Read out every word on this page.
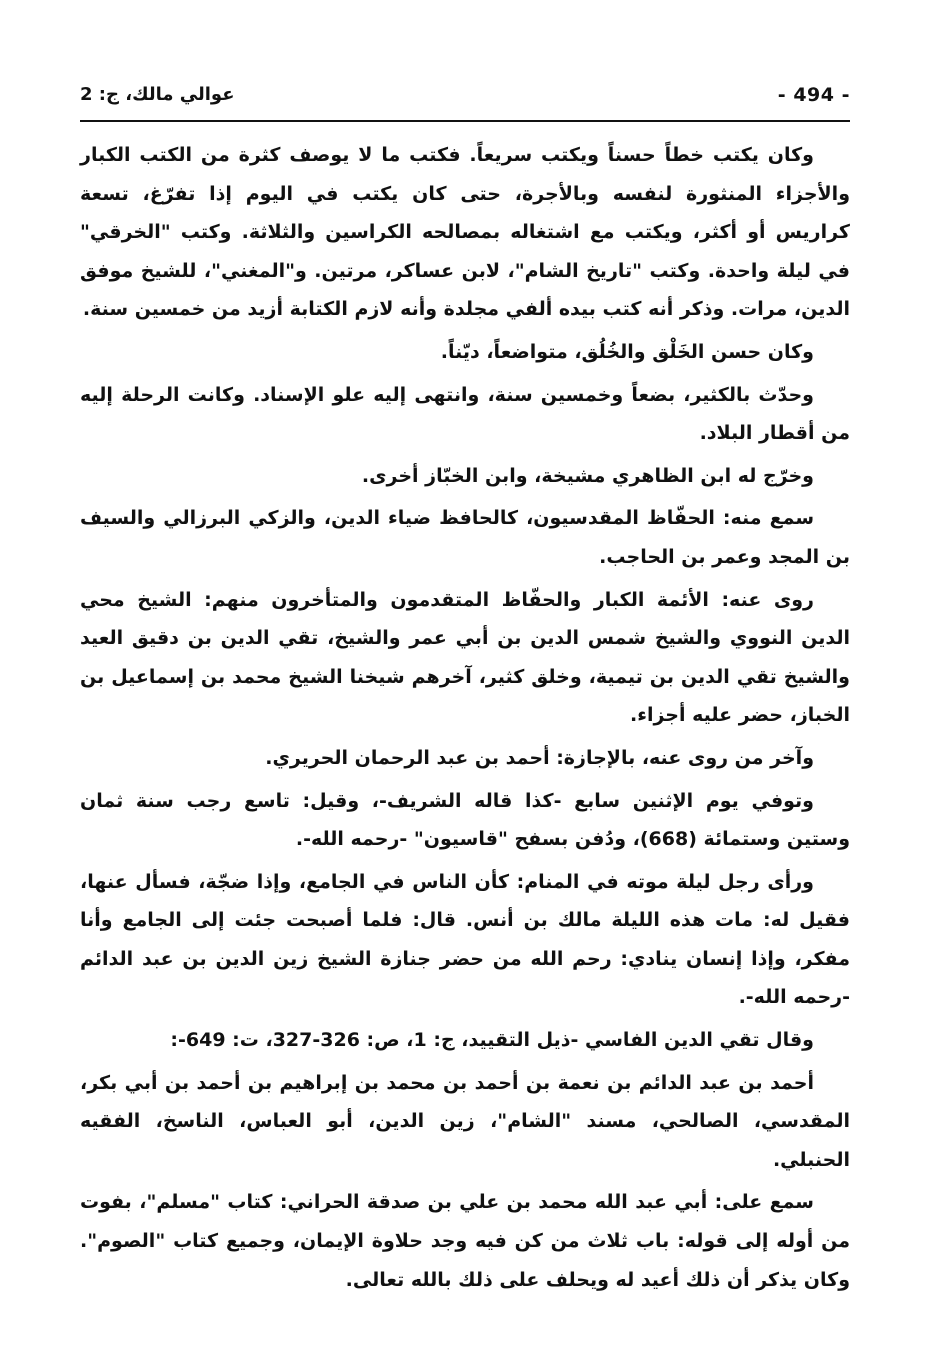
- 494 -
عوالي مالك، ج: 2

وكان يكتب خطاً حسناً ويكتب سريعاً. فكتب ما لا يوصف كثرة من الكتب الكبار والأجزاء المنثورة لنفسه وبالأجرة، حتى كان يكتب في اليوم إذا تفرّغ، تسعة كراريس أو أكثر، ويكتب مع اشتغاله بمصالحه الكراسين والثلاثة. وكتب "الخرقي" في ليلة واحدة. وكتب "تاريخ الشام"، لابن عساكر، مرتين. و"المغني"، للشيخ موفق الدين، مرات. وذكر أنه كتب بيده ألفي مجلدة وأنه لازم الكتابة أزيد من خمسين سنة.

وكان حسن الخَلْق والخُلُق، متواضعاً، ديّناً.

وحدّث بالكثير، بضعاً وخمسين سنة، وانتهى إليه علو الإسناد. وكانت الرحلة إليه من أقطار البلاد.

وخرّج له ابن الظاهري مشيخة، وابن الخبّاز أخرى.

سمع منه: الحفّاظ المقدسيون، كالحافظ ضياء الدين، والزكي البرزالي والسيف بن المجد وعمر بن الحاجب.

روى عنه: الأئمة الكبار والحفّاظ المتقدمون والمتأخرون منهم: الشيخ محي الدين النووي والشيخ شمس الدين بن أبي عمر والشيخ، تقي الدين بن دقيق العيد والشيخ تقي الدين بن تيمية، وخلق كثير، آخرهم شيخنا الشيخ محمد بن إسماعيل بن الخباز، حضر عليه أجزاء.

وآخر من روى عنه، بالإجازة: أحمد بن عبد الرحمان الحريري.

وتوفي يوم الإثنين سابع -كذا قاله الشريف-، وقيل: تاسع رجب سنة ثمان وستين وستمائة (668)، ودُفن بسفح "قاسيون" -رحمه الله-.

ورأى رجل ليلة موته في المنام: كأن الناس في الجامع، وإذا ضجّة، فسأل عنها، فقيل له: مات هذه الليلة مالك بن أنس. قال: فلما أصبحت جئت إلى الجامع وأنا مفكر، وإذا إنسان ينادي: رحم الله من حضر جنازة الشيخ زين الدين بن عبد الدائم -رحمه الله-.

وقال تقي الدين الفاسي -ذيل التقييد، ج: 1، ص: 326-327، ت: 649-:

أحمد بن عبد الدائم بن نعمة بن أحمد بن محمد بن إبراهيم بن أحمد بن أبي بكر، المقدسي، الصالحي، مسند "الشام"، زين الدين، أبو العباس، الناسخ، الفقيه الحنبلي.

سمع على: أبي عبد الله محمد بن علي بن صدقة الحراني: كتاب "مسلم"، بفوت من أوله إلى قوله: باب ثلاث من كن فيه وجد حلاوة الإيمان، وجميع كتاب "الصوم". وكان يذكر أن ذلك أعيد له ويحلف على ذلك بالله تعالى.
